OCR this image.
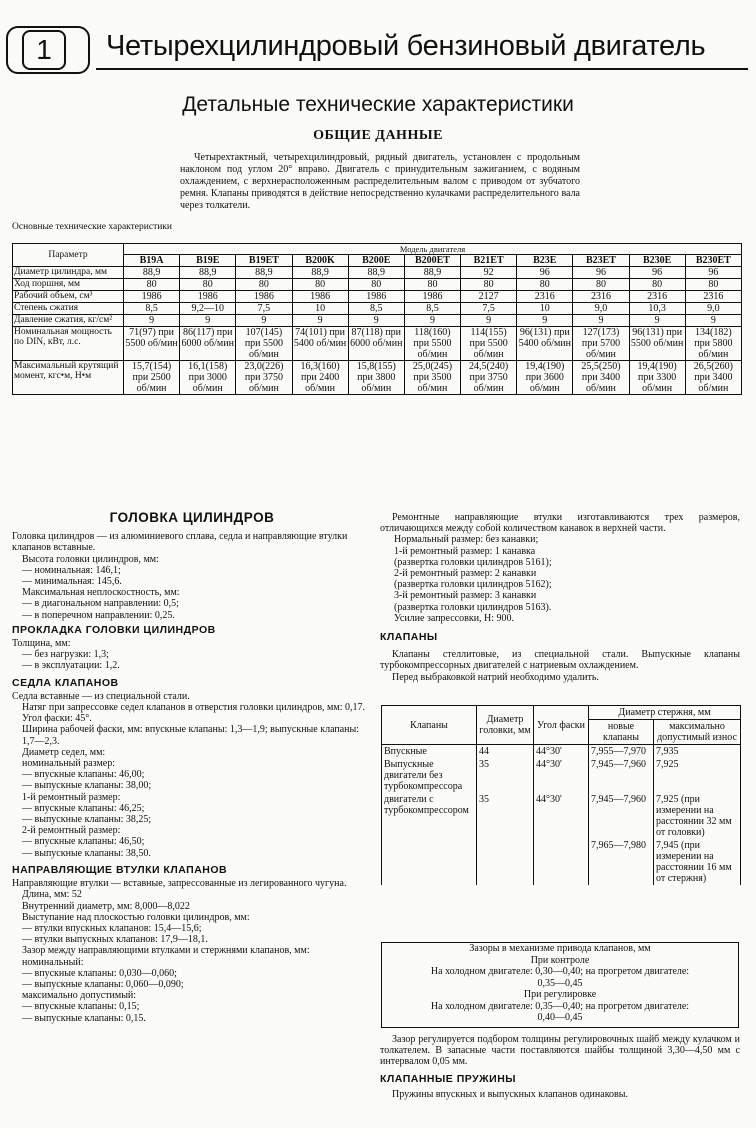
1	Четырехцилиндровый бензиновый двигатель
Детальные технические характеристики
ОБЩИЕ ДАННЫЕ
Четырехтактный, четырехцилиндровый, рядный двигатель, установлен с продольным наклоном под углом 20° вправо. Двигатель с принудительным зажиганием, с водяным охлаждением, с верхнерасположенным распределительным валом с приводом от зубчатого ремня. Клапаны приводятся в действие непосредственно кулачками распределительного вала через толкатели.
Основные технические характеристики
Параметр	Модель двигателя										
	B19A	B19E	B19ET	B200K	B200E	B200ET	B21ET	B23E	B23ET	B230E	B230ET
Диаметр цилиндра, мм	88,9	88,9	88,9	88,9	88,9	88,9	92	96	96	96	96
Ход поршня, мм	80	80	80	80	80	80	80	80	80	80	80
Рабочий объем, см³	1986	1986	1986	1986	1986	1986	2127	2316	2316	2316	2316
Степень сжатия	8,5	9,2—10	7,5	10	8,5	8,5	7,5	10	9,0	10,3	9,0
Давление сжатия, кг/см²	9	9	9	9	9	9	9	9	9	9	9
Номинальная мощность по DIN, кВт, л.с.	71(97) при 5500 об/мин	86(117) при 6000 об/мин	107(145) при 5500 об/мин	74(101) при 5400 об/мин	87(118) при 6000 об/мин	118(160) при 5500 об/мин	114(155) при 5500 об/мин	96(131) при 5400 об/мин	127(173) при 5700 об/мин	96(131) при 5500 об/мин	134(182) при 5800 об/мин
Максимальный крутящий момент, кгс•м, Н•м	15,7(154) при 2500 об/мин	16,1(158) при 3000 об/мин	23,0(226) при 3750 об/мин	16,3(160) при 2400 об/мин	15,8(155) при 3800 об/мин	25,0(245) при 3500 об/мин	24,5(240) при 3750 об/мин	19,4(190) при 3600 об/мин	25,5(250) при 3400 об/мин	19,4(190) при 3300 об/мин	26,5(260) при 3400 об/мин

ГОЛОВКА ЦИЛИНДРОВ

Головка цилиндров — из алюминиевого сплава, седла и направляющие втулки клапанов вставные.

Высота головки цилиндров, мм:

— номинальная: 146,1;

— минимальная: 145,6.

Максимальная неплоскостность, мм:

— в диагональном направлении: 0,5;

— в поперечном направлении: 0,25.

ПРОКЛАДКА ГОЛОВКИ ЦИЛИНДРОВ

Толщина, мм:

— без нагрузки: 1,3;

— в эксплуатации: 1,2.

СЕДЛА КЛАПАНОВ

Седла вставные — из специальной стали.

Натяг при запрессовке седел клапанов в отверстия головки цилиндров, мм: 0,17.

Угол фаски: 45°.

Ширина рабочей фаски, мм: впускные клапаны: 1,3—1,9; выпускные клапаны: 1,7—2,3.

Диаметр седел, мм:

номинальный размер:

— впускные клапаны: 46,00;

— выпускные клапаны: 38,00;

1-й ремонтный размер:

— впускные клапаны: 46,25;

— выпускные клапаны: 38,25;

2-й ремонтный размер:

— впускные клапаны: 46,50;

— выпускные клапаны: 38,50.

НАПРАВЛЯЮЩИЕ ВТУЛКИ КЛАПАНОВ

Направляющие втулки — вставные, запрессованные из легированного чугуна.

Длина, мм: 52

Внутренний диаметр, мм: 8,000—8,022

Выступание над плоскостью головки цилиндров, мм:

— втулки впускных клапанов: 15,4—15,6;

— втулки выпускных клапанов: 17,9—18,1.

Зазор между направляющими втулками и стержнями клапанов, мм:

номинальный:

— впускные клапаны: 0,030—0,060;

— выпускные клапаны: 0,060—0,090;

максимально допустимый:

— впускные клапаны: 0,15;

— выпускные клапаны: 0,15.

Ремонтные направляющие втулки изготавливаются трех размеров, отличающихся между собой количеством канавок в верхней части.

Нормальный размер: без канавки;

1-й ремонтный размер: 1 канавка

(развертка головки цилиндров 5161);

2-й ремонтный размер: 2 канавки

(развертка головки цилиндров 5162);

3-й ремонтный размер: 3 канавки

(развертка головки цилиндров 5163).

Усилие запрессовки, Н: 900.

КЛАПАНЫ

Клапаны стеллитовые, из специальной стали. Выпускные клапаны турбокомпрессорных двигателей с натриевым охлаждением.

Перед выбраковкой натрий необходимо удалить.

Клапаны	Диаметр головки, мм	Угол фаски	Диаметр стержня, мм	
			новые клапаны	максимально допустимый износ
Впускные	44	44°30'	7,955—7,970	7,935
Выпускные двигатели без турбокомпрессора	35	44°30'	7,945—7,960	7,925
двигатели с турбокомпрессором	35	44°30'	7,945—7,960	7,925 (при измерении на расстоянии 32 мм от головки)
			7,965—7,980	7,945 (при измерении на расстоянии 16 мм от стержня)
Зазоры в механизме привода клапанов, мм
При контроле
На холодном двигателе: 0,30—0,40; на прогретом двигателе:
0,35—0,45
При регулировке
На холодном двигателе: 0,35—0,40; на прогретом двигателе:
0,40—0,45

Зазор регулируется подбором толщины регулировочных шайб между кулачком и толкателем. В запасные части поставляются шайбы толщиной 3,30—4,50 мм с интервалом 0,05 мм.

КЛАПАННЫЕ ПРУЖИНЫ

Пружины впускных и выпускных клапанов одинаковы.
